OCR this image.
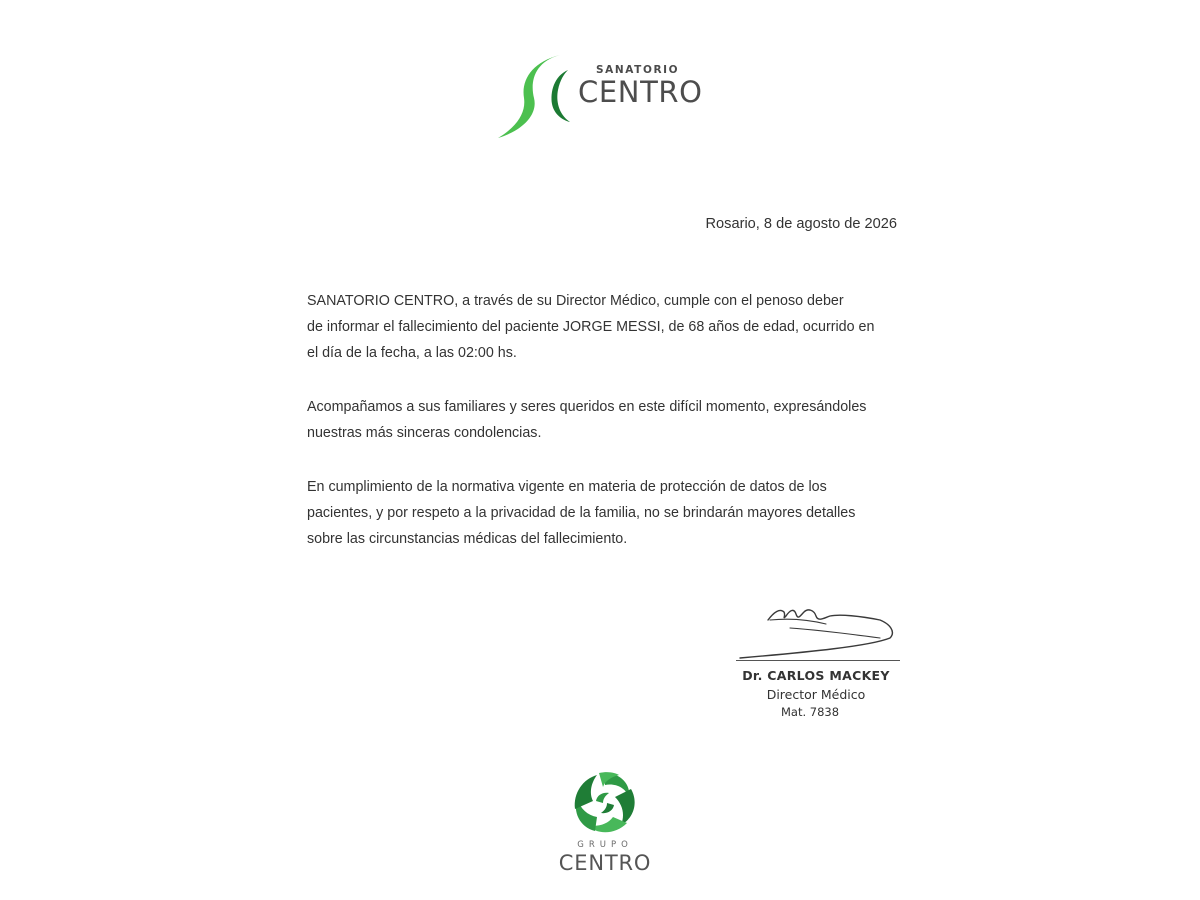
SANATORIO
CENTRO
Rosario, 8 de agosto de 2026

SANATORIO CENTRO, a través de su Director Médico, cumple con el penoso deber
de informar el fallecimiento del paciente JORGE MESSI, de 68 años de edad, ocurrido en
el día de la fecha, a las 02:00 hs.

Acompañamos a sus familiares y seres queridos en este difícil momento, expresándoles
nuestras más sinceras condolencias.

En cumplimiento de la normativa vigente en materia de protección de datos de los
pacientes, y por respeto a la privacidad de la familia, no se brindarán mayores detalles
sobre las circunstancias médicas del fallecimiento.

Dr. CARLOS MACKEY
Director Médico
Mat. 7838
GRUPO
CENTRO
